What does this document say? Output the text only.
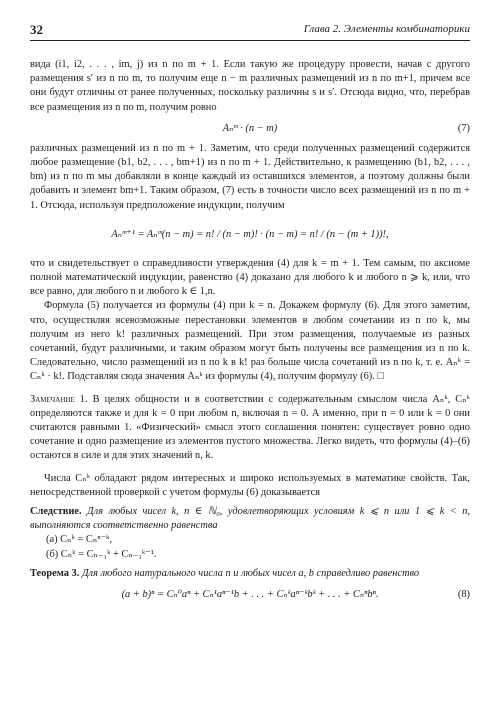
32	Глава 2. Элементы комбинаторики

вида (i1, i2, . . . , im, j) из n по m + 1. Если такую же процедуру провести, начав с другого размещения s′ из n по m, то получим еще n − m различных размещений из n по m+1, причем все они будут отличны от ранее полученных, поскольку различны s и s′. Отсюда видно, что, перебрав все размещения из n по m, получим ровно

Aₙᵐ · (n − m)	(7)

различных размещений из n по m + 1. Заметим, что среди полученных размещений содержится любое размещение (b1, b2, . . . , bm+1) из n по m + 1. Действительно, к размещению (b1, b2, . . . , bm) из n по m мы добавляли в конце каждый из оставшихся элементов, а поэтому должны были добавить и элемент bm+1. Таким образом, (7) есть в точности число всех размещений из n по m + 1. Отсюда, используя предположение индукции, получим

Aₙᵐ⁺¹ = Aₙᵐ(n − m) = n! / (n − m)! · (n − m) = n! / (n − (m + 1))!,

что и свидетельствует о справедливости утверждения (4) для k = m + 1. Тем самым, по аксиоме полной математической индукции, равенство (4) доказано для любого k и любого n ⩾ k, или, что все равно, для любого n и любого k ∈ 1,n.

Формула (5) получается из формулы (4) при k = n. Докажем формулу (6). Для этого заметим, что, осуществляя всевозможные перестановки элементов в любом сочетании из n по k, мы получим из него k! различных размещений. При этом размещения, получаемые из разных сочетаний, будут различными, и таким образом могут быть получены все размещения из n по k. Следовательно, число размещений из n по k в k! раз больше числа сочетаний из n по k, т. е. Aₙᵏ = Cₙᵏ · k!. Подставляя сюда значения Aₙᵏ из формулы (4), получим формулу (6). □

Замечание 1. В целях общности и в соответствии с содержательным смыслом числа Aₙᵏ, Cₙᵏ определяются также и для k = 0 при любом n, включая n = 0. А именно, при n = 0 или k = 0 они считаются равными 1. «Физический» смысл этого соглашения понятен: существует ровно одно сочетание и одно размещение из элементов пустого множества. Легко видеть, что формулы (4)–(6) остаются в силе и для этих значений n, k.

Числа Cₙᵏ обладают рядом интересных и широко используемых в математике свойств. Так, непосредственной проверкой с учетом формулы (6) доказывается

Следствие. Для любых чисел k, n ∈ ℕ₀, удовлетворяющих условиям k ⩽ n или 1 ⩽ k < n, выполняются соответственно равенства

(а) Cₙᵏ = Cₙⁿ⁻ᵏ,

(б) Cₙᵏ = Cₙ₋₁ᵏ + Cₙ₋₁ᵏ⁻¹.

Теорема 3. Для любого натурального числа n и любых чисел a, b справедливо равенство

(a + b)ⁿ = Cₙ⁰aⁿ + Cₙ¹aⁿ⁻¹b + . . . + Cₙᵏaⁿ⁻ᵏbᵏ + . . . + Cₙⁿbⁿ.	(8)
